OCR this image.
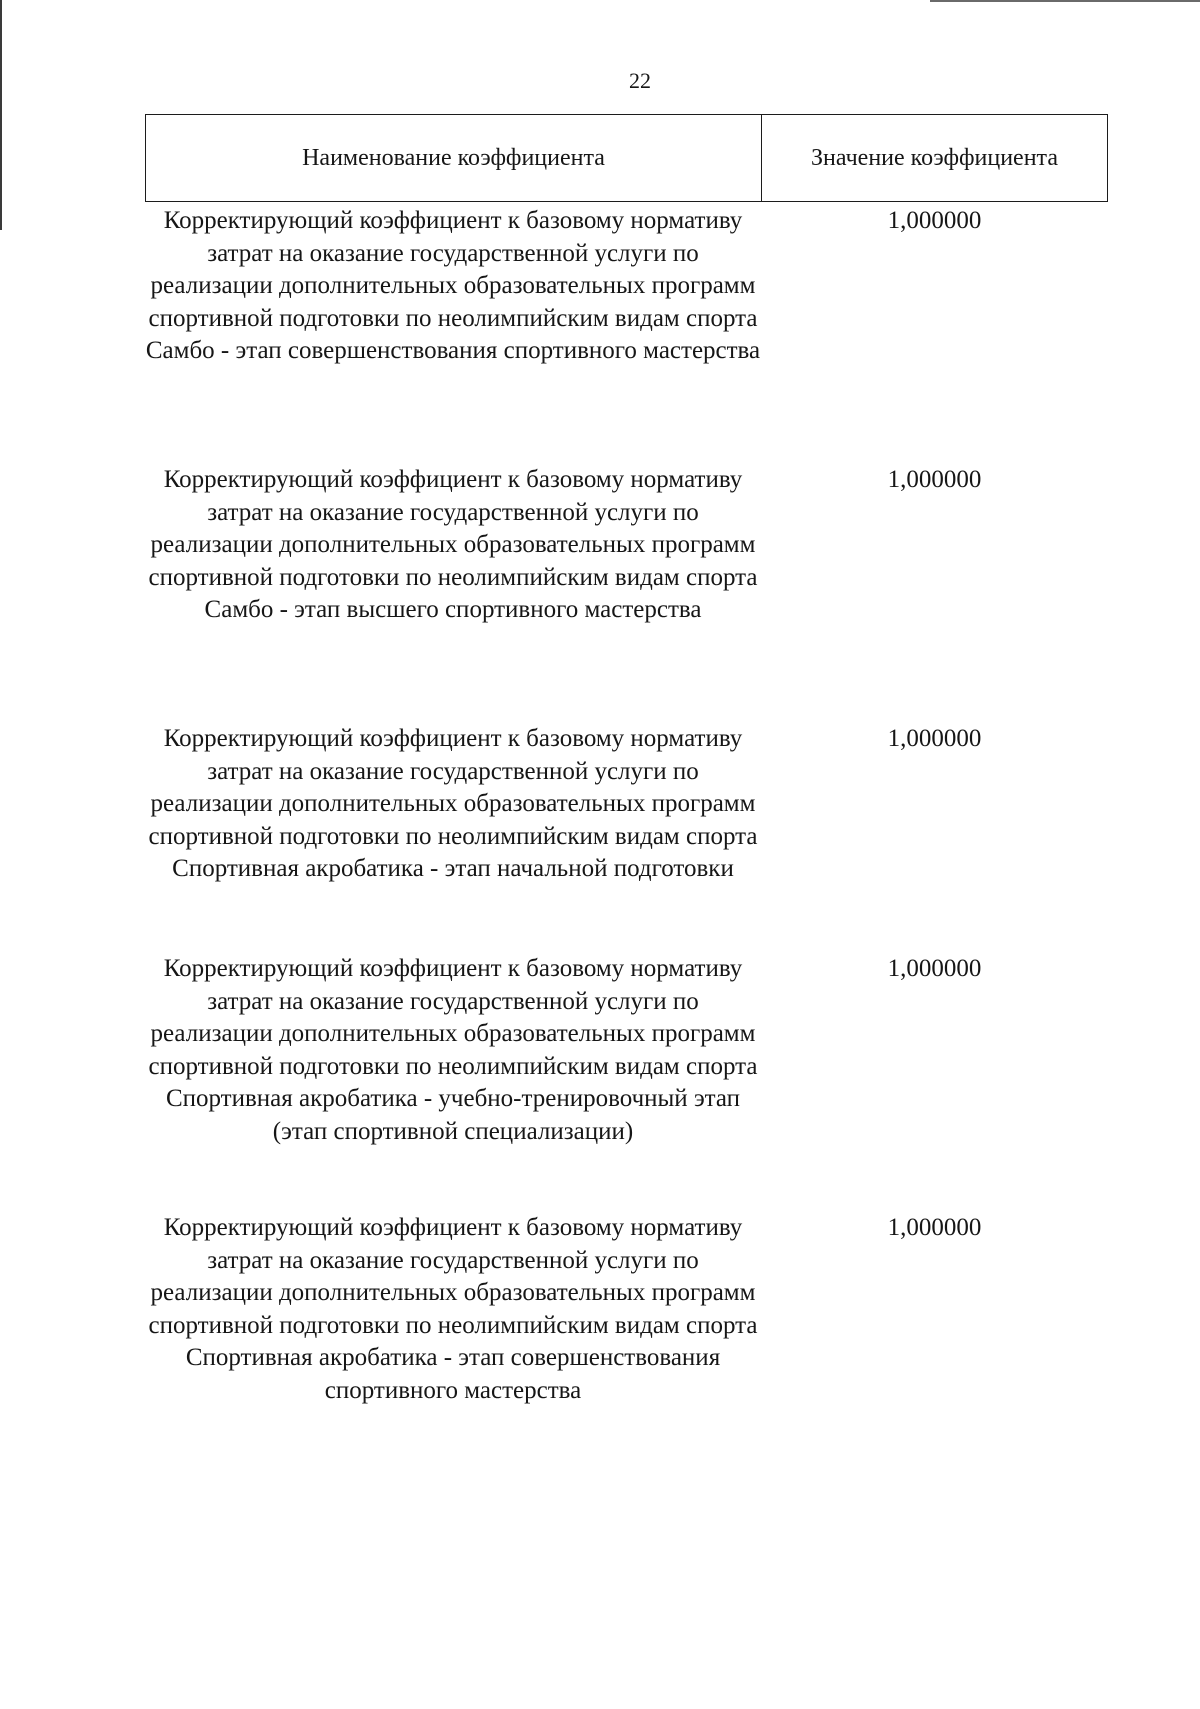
22
Наименование коэффициента	Значение коэффициента
Корректирующий коэффициент к базовому нормативу затрат на оказание государственной услуги по реализации дополнительных образовательных программ спортивной подготовки по неолимпийским видам спорта Самбо - этап совершенствования спортивного мастерства
1,000000
Корректирующий коэффициент к базовому нормативу затрат на оказание государственной услуги по реализации дополнительных образовательных программ спортивной подготовки по неолимпийским видам спорта Самбо - этап высшего спортивного мастерства
1,000000
Корректирующий коэффициент к базовому нормативу затрат на оказание государственной услуги по реализации дополнительных образовательных программ спортивной подготовки по неолимпийским видам спорта Спортивная акробатика - этап начальной подготовки
1,000000
Корректирующий коэффициент к базовому нормативу затрат на оказание государственной услуги по реализации дополнительных образовательных программ спортивной подготовки по неолимпийским видам спорта Спортивная акробатика - учебно-тренировочный этап (этап спортивной специализации)
1,000000
Корректирующий коэффициент к базовому нормативу затрат на оказание государственной услуги по реализации дополнительных образовательных программ спортивной подготовки по неолимпийским видам спорта Спортивная акробатика - этап совершенствования спортивного мастерства
1,000000
